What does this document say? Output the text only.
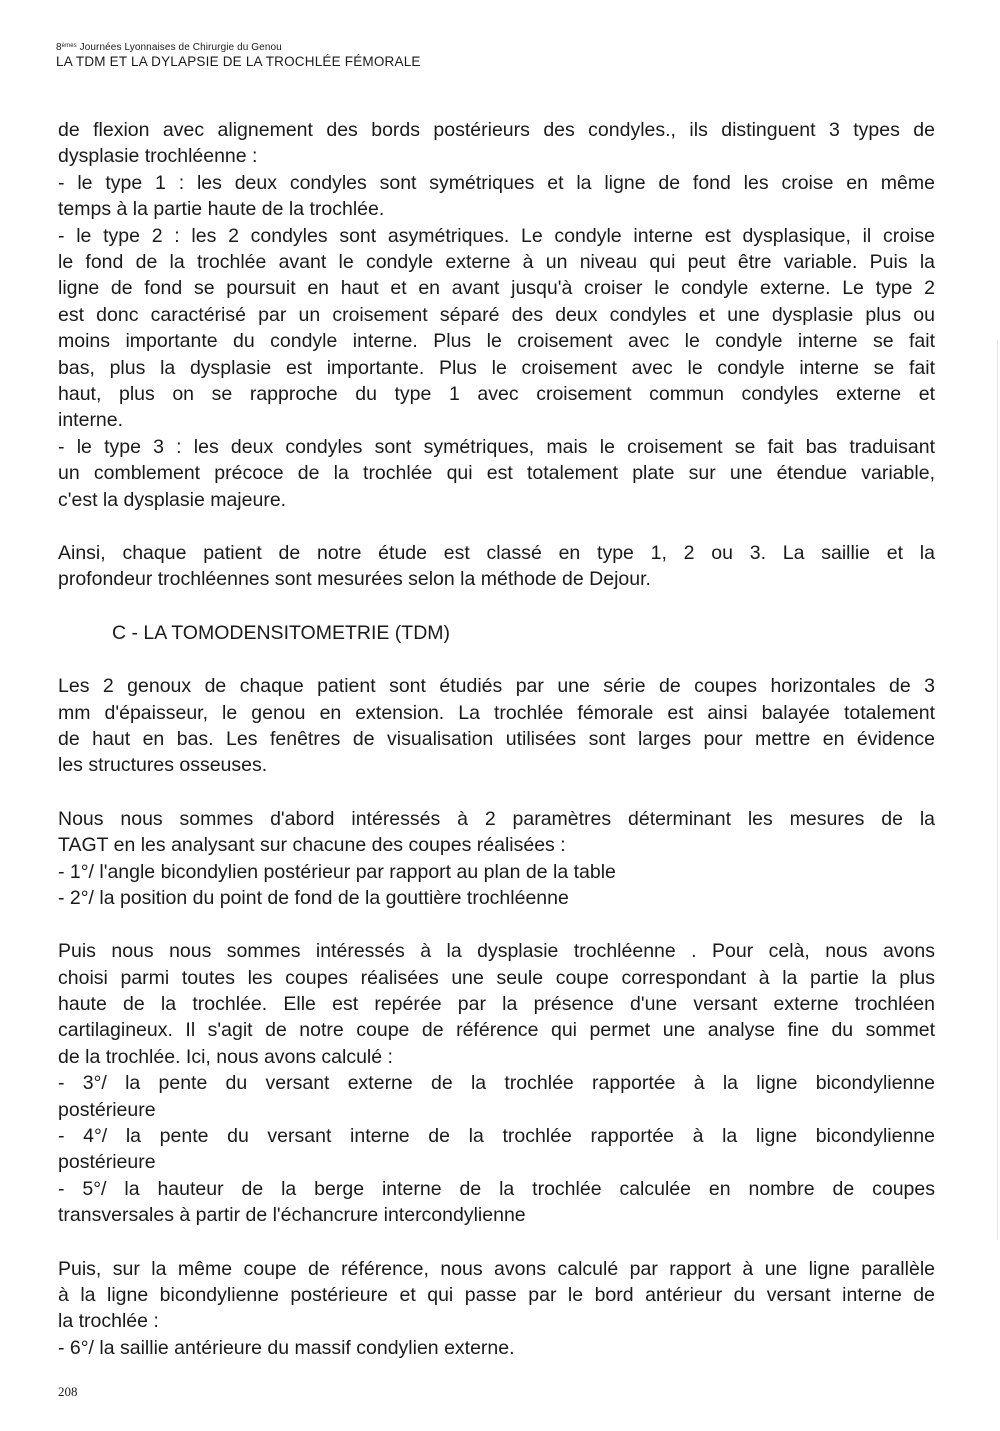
8èmes Journées Lyonnaises de Chirurgie du Genou
LA TDM ET LA DYLAPSIE DE LA TROCHLÉE FÉMORALE
de flexion avec alignement des bords postérieurs des condyles., ils distinguent 3 types de
dysplasie trochléenne :
- le type 1 : les deux condyles sont symétriques et la ligne de fond les croise en même
temps à la partie haute de la trochlée.
- le type 2 : les 2 condyles sont asymétriques. Le condyle interne est dysplasique, il croise
le fond de la trochlée avant le condyle externe à un niveau qui peut être variable. Puis la
ligne de fond se poursuit en haut et en avant jusqu'à croiser le condyle externe. Le type 2
est donc caractérisé par un croisement séparé des deux condyles et une dysplasie plus ou
moins importante du condyle interne. Plus le croisement avec le condyle interne se fait
bas, plus la dysplasie est importante. Plus le croisement avec le condyle interne se fait
haut, plus on se rapproche du type 1 avec croisement commun condyles externe et
interne.
- le type 3 : les deux condyles sont symétriques, mais le croisement se fait bas traduisant
un comblement précoce de la trochlée qui est totalement plate sur une étendue variable,
c'est la dysplasie majeure.
Ainsi, chaque patient de notre étude est classé en type 1, 2 ou 3. La saillie et la
profondeur trochléennes sont mesurées selon la méthode de Dejour.
C - LA TOMODENSITOMETRIE (TDM)
Les 2 genoux de chaque patient sont étudiés par une série de coupes horizontales de 3
mm d'épaisseur, le genou en extension. La trochlée fémorale est ainsi balayée totalement
de haut en bas. Les fenêtres de visualisation utilisées sont larges pour mettre en évidence
les structures osseuses.
Nous nous sommes d'abord intéressés à 2 paramètres déterminant les mesures de la
TAGT en les analysant sur chacune des coupes réalisées :
- 1°/ l'angle bicondylien postérieur par rapport au plan de la table
- 2°/ la position du point de fond de la gouttière trochléenne
Puis nous nous sommes intéressés à la dysplasie trochléenne . Pour celà, nous avons
choisi parmi toutes les coupes réalisées une seule coupe correspondant à la partie la plus
haute de la trochlée. Elle est repérée par la présence d'une versant externe trochléen
cartilagineux. Il s'agit de notre coupe de référence qui permet une analyse fine du sommet
de la trochlée. Ici, nous avons calculé :
- 3°/ la pente du versant externe de la trochlée rapportée à la ligne bicondylienne
postérieure
- 4°/ la pente du versant interne de la trochlée rapportée à la ligne bicondylienne
postérieure
- 5°/ la hauteur de la berge interne de la trochlée calculée en nombre de coupes
transversales à partir de l'échancrure intercondylienne
Puis, sur la même coupe de référence, nous avons calculé par rapport à une ligne parallèle
à la ligne bicondylienne postérieure et qui passe par le bord antérieur du versant interne de
la trochlée :
- 6°/ la saillie antérieure du massif condylien externe.
208
